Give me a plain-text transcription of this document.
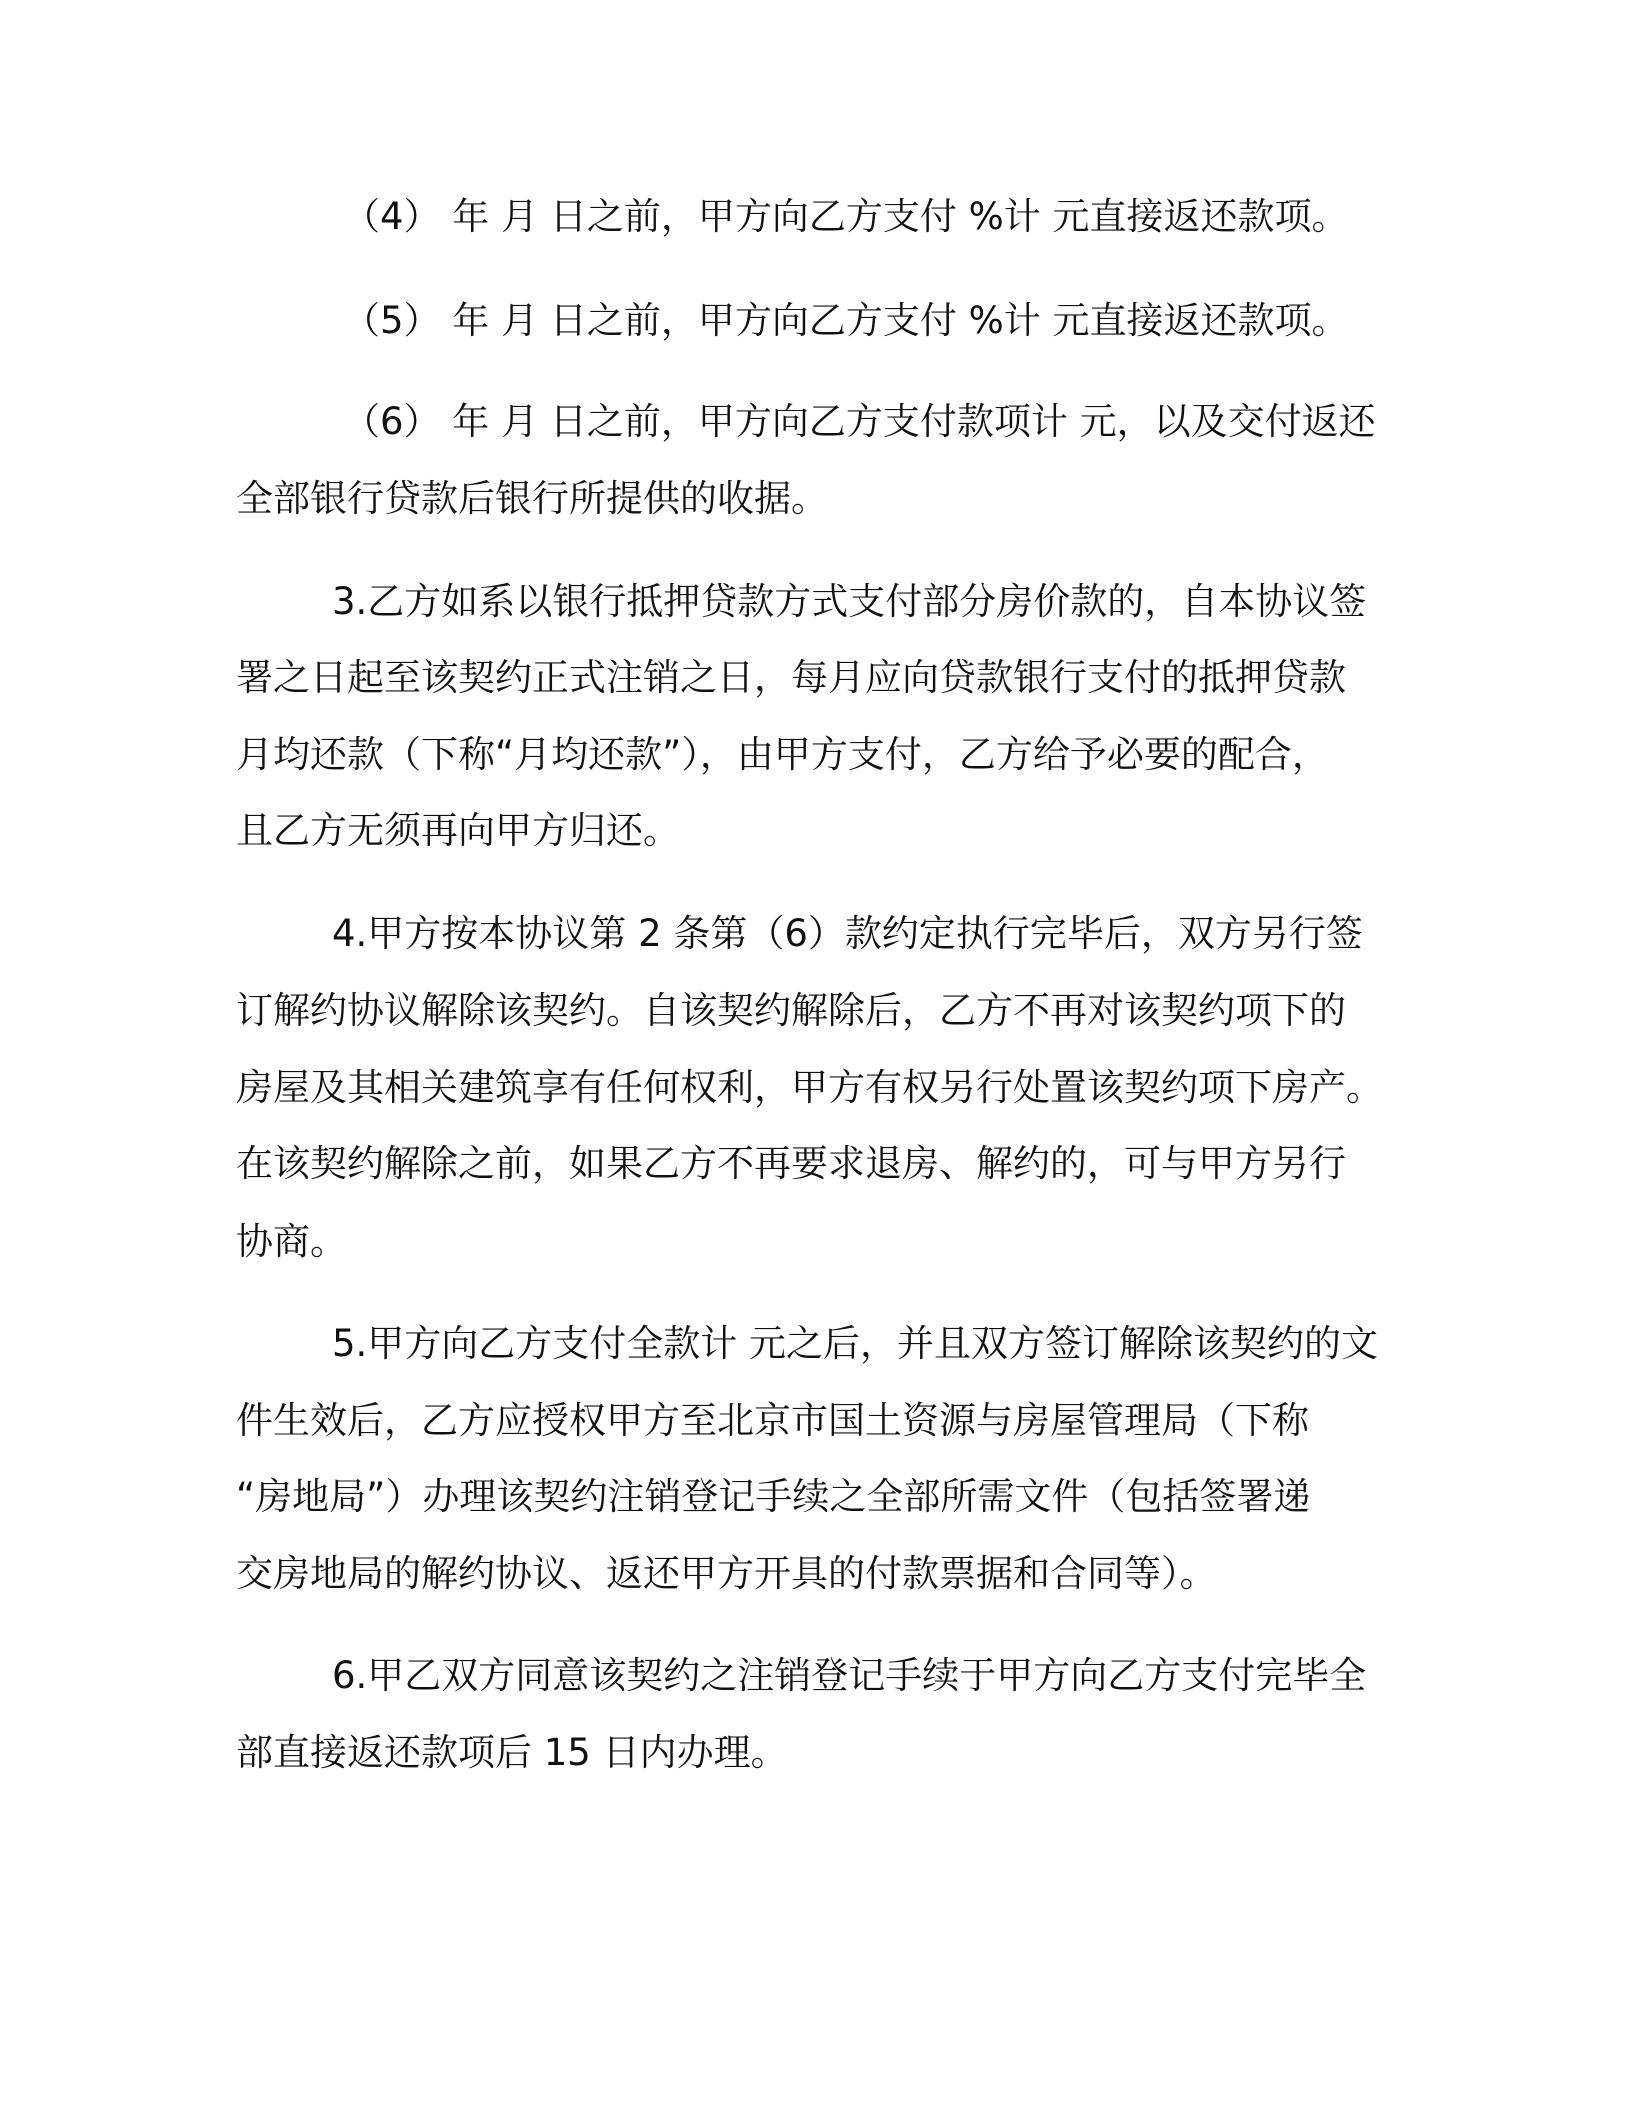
（4） 年 月 日之前，甲方向乙方支付 %计 元直接返还款项。
（5） 年 月 日之前，甲方向乙方支付 %计 元直接返还款项。
（6） 年 月 日之前，甲方向乙方支付款项计 元，以及交付返还
全部银行贷款后银行所提供的收据。
3.乙方如系以银行抵押贷款方式支付部分房价款的，自本协议签
署之日起至该契约正式注销之日，每月应向贷款银行支付的抵押贷款
月均还款（下称“月均还款”），由甲方支付，乙方给予必要的配合，
且乙方无须再向甲方归还。
4.甲方按本协议第 2 条第（6）款约定执行完毕后，双方另行签
订解约协议解除该契约。自该契约解除后，乙方不再对该契约项下的
房屋及其相关建筑享有任何权利，甲方有权另行处置该契约项下房产。
在该契约解除之前，如果乙方不再要求退房、解约的，可与甲方另行
协商。
5.甲方向乙方支付全款计 元之后，并且双方签订解除该契约的文
件生效后，乙方应授权甲方至北京市国土资源与房屋管理局（下称
“房地局”）办理该契约注销登记手续之全部所需文件（包括签署递
交房地局的解约协议、返还甲方开具的付款票据和合同等）。
6.甲乙双方同意该契约之注销登记手续于甲方向乙方支付完毕全
部直接返还款项后 15 日内办理。
